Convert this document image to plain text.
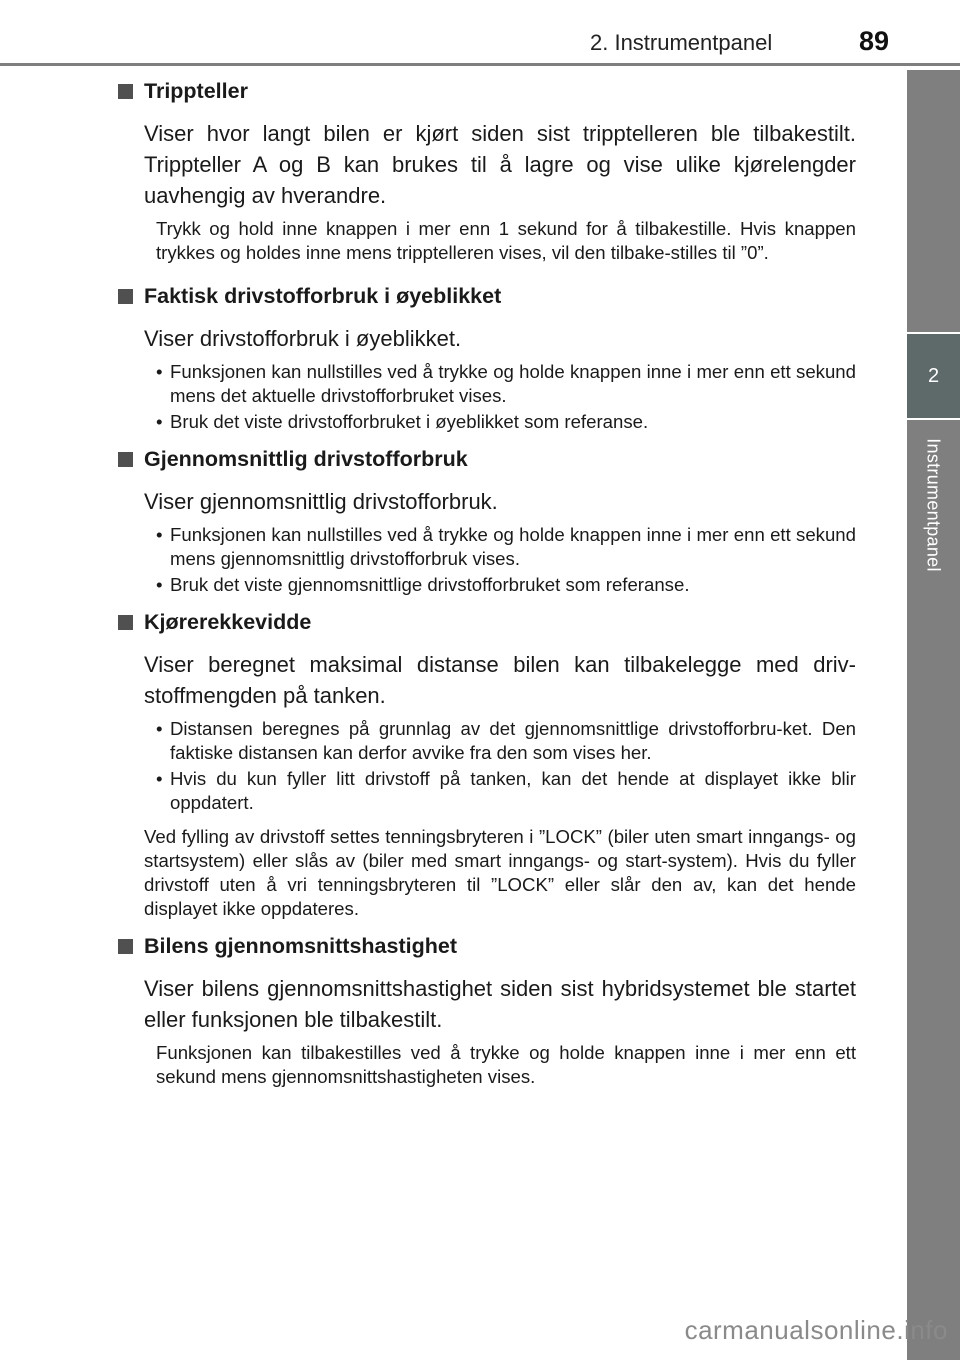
2. Instrumentpanel	89
2
Instrumentpanel
Trippteller

Viser hvor langt bilen er kjørt siden sist tripptelleren ble tilbakestilt. Trippteller A og B kan brukes til å lagre og vise ulike kjørelengder uavhengig av hverandre.

Trykk og hold inne knappen i mer enn 1 sekund for å tilbakestille. Hvis knappen trykkes og holdes inne mens tripptelleren vises, vil den tilbake-stilles til ”0”.

Faktisk drivstofforbruk i øyeblikket

Viser drivstofforbruk i øyeblikket.

• Funksjonen kan nullstilles ved å trykke og holde knappen inne i mer enn ett sekund mens det aktuelle drivstofforbruket vises.
• Bruk det viste drivstofforbruket i øyeblikket som referanse.
Gjennomsnittlig drivstofforbruk

Viser gjennomsnittlig drivstofforbruk.

• Funksjonen kan nullstilles ved å trykke og holde knappen inne i mer enn ett sekund mens gjennomsnittlig drivstofforbruk vises.
• Bruk det viste gjennomsnittlige drivstofforbruket som referanse.
Kjørerekkevidde

Viser beregnet maksimal distanse bilen kan tilbakelegge med driv-stoffmengden på tanken.

• Distansen beregnes på grunnlag av det gjennomsnittlige drivstofforbru-ket. Den faktiske distansen kan derfor avvike fra den som vises her.
• Hvis du kun fyller litt drivstoff på tanken, kan det hende at displayet ikke blir oppdatert.

Ved fylling av drivstoff settes tenningsbryteren i ”LOCK” (biler uten smart inngangs- og startsystem) eller slås av (biler med smart inngangs- og start-system). Hvis du fyller drivstoff uten å vri tenningsbryteren til ”LOCK” eller slår den av, kan det hende displayet ikke oppdateres.

Bilens gjennomsnittshastighet

Viser bilens gjennomsnittshastighet siden sist hybridsystemet ble startet eller funksjonen ble tilbakestilt.

Funksjonen kan tilbakestilles ved å trykke og holde knappen inne i mer enn ett sekund mens gjennomsnittshastigheten vises.

carmanualsonline.info
